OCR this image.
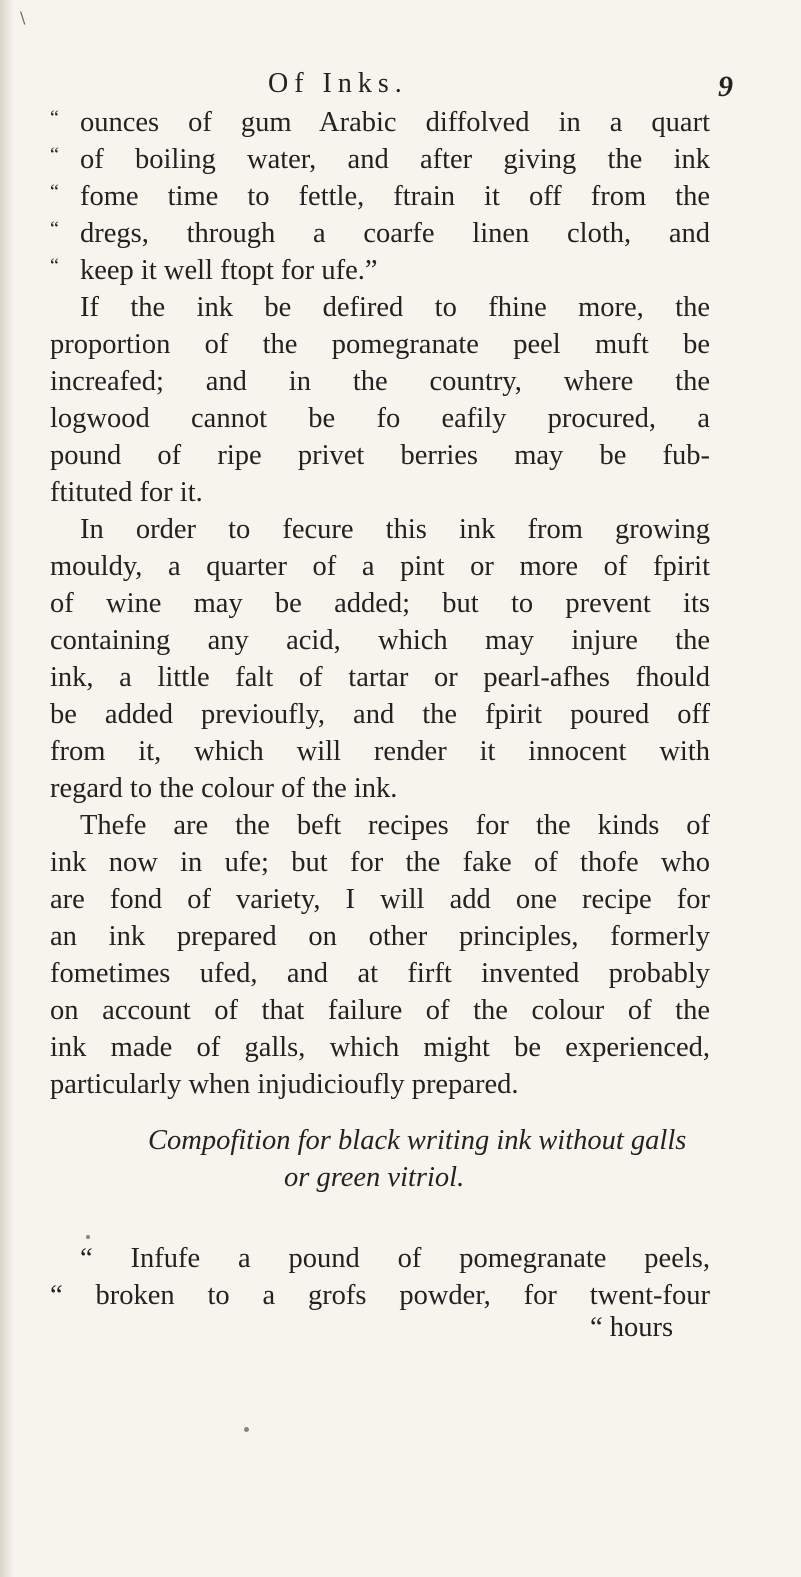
\
Of Inks.	9
“ ounces of gum Arabic diffolved in a quart
“ of boiling water, and after giving the ink
“ fome time to fettle, ftrain it off from the
“ dregs, through a coarfe linen cloth, and
“ keep it well ftopt for ufe.”
If the ink be defired to fhine more, the
proportion of the pomegranate peel muft be
increafed; and in the country, where the
logwood cannot be fo eafily procured, a
pound of ripe privet berries may be fub-
ftituted for it.
In order to fecure this ink from growing
mouldy, a quarter of a pint or more of fpirit
of wine may be added; but to prevent its
containing any acid, which may injure the
ink, a little falt of tartar or pearl-afhes fhould
be added previoufly, and the fpirit poured off
from it, which will render it innocent with
regard to the colour of the ink.
Thefe are the beft recipes for the kinds of
ink now in ufe; but for the fake of thofe who
are fond of variety, I will add one recipe for
an ink prepared on other principles, formerly
fometimes ufed, and at firft invented probably
on account of that failure of the colour of the
ink made of galls, which might be experienced,
particularly when injudicioufly prepared.
Compofition for black writing ink without galls
or green vitriol.
“ Infufe a pound of pomegranate peels,
“ broken to a grofs powder, for twent-four
“ hours
